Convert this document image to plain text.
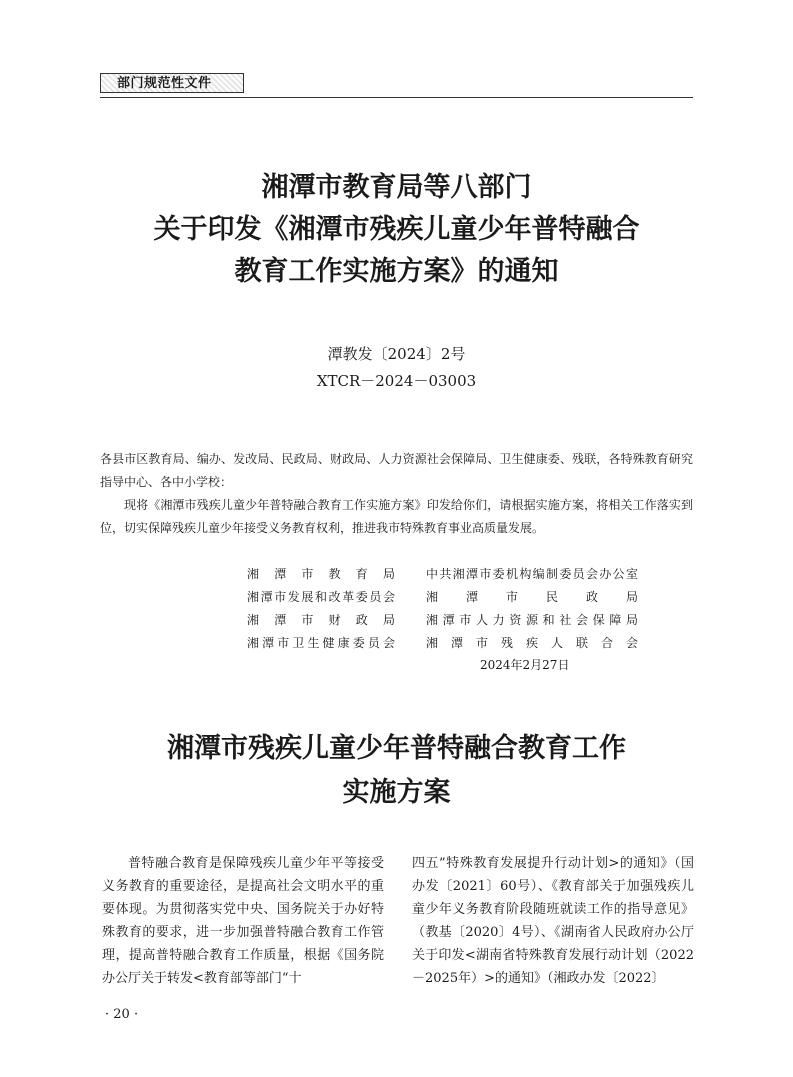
部门规范性文件
湘潭市教育局等八部门
关于印发《湘潭市残疾儿童少年普特融合
教育工作实施方案》的通知
潭教发〔2024〕2号
XTCR－2024－03003
各县市区教育局、编办、发改局、民政局、财政局、人力资源社会保障局、卫生健康委、残联，各特殊教育研究指导中心、各中小学校：
现将《湘潭市残疾儿童少年普特融合教育工作实施方案》印发给你们，请根据实施方案，将相关工作落实到位，切实保障残疾儿童少年接受义务教育权利，推进我市特殊教育事业高质量发展。
湘潭市教育局	中共湘潭市委机构编制委员会办公室
湘潭市发展和改革委员会	湘潭市民政局
湘潭市财政局	湘潭市人力资源和社会保障局
湘潭市卫生健康委员会	湘潭市残疾人联合会
2024年2月27日
湘潭市残疾儿童少年普特融合教育工作
实施方案
普特融合教育是保障残疾儿童少年平等接受义务教育的重要途径，是提高社会文明水平的重要体现。为贯彻落实党中央、国务院关于办好特殊教育的要求，进一步加强普特融合教育工作管理，提高普特融合教育工作质量，根据《国务院办公厅关于转发<教育部等部门“十
四五”特殊教育发展提升行动计划>的通知》（国办发〔2021〕60号）、《教育部关于加强残疾儿童少年义务教育阶段随班就读工作的指导意见》（教基〔2020〕4号）、《湖南省人民政府办公厅关于印发<湖南省特殊教育发展行动计划（2022－2025年）>的通知》（湘政办发〔2022〕
· 20 ·
